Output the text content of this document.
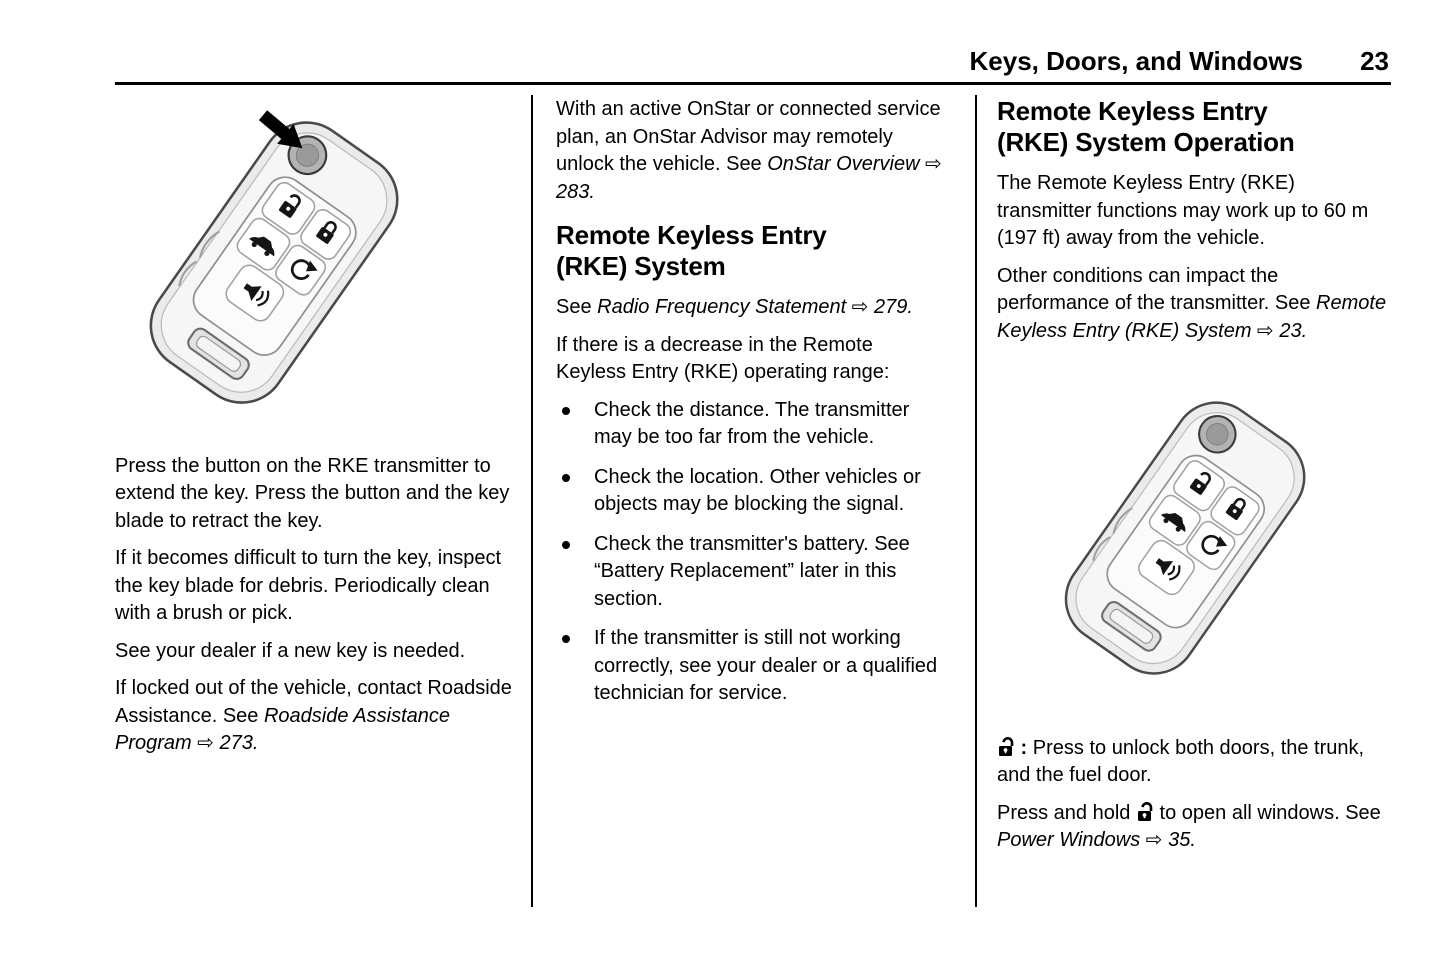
Keys, Doors, and Windows 23

Press the button on the RKE transmitter to extend the key. Press the button and the key blade to retract the key.

If it becomes difficult to turn the key, inspect the key blade for debris. Periodically clean with a brush or pick.

See your dealer if a new key is needed.

If locked out of the vehicle, contact Roadside Assistance. See Roadside Assistance Program ⇨ 273.

With an active OnStar or connected service plan, an OnStar Advisor may remotely unlock the vehicle. See OnStar Overview ⇨ 283.

Remote Keyless Entry (RKE) System

See Radio Frequency Statement ⇨ 279.

If there is a decrease in the Remote Keyless Entry (RKE) operating range:

Check the distance. The transmitter may be too far from the vehicle.
Check the location. Other vehicles or objects may be blocking the signal.
Check the transmitter's battery. See “Battery Replacement” later in this section.
If the transmitter is still not working correctly, see your dealer or a qualified technician for service.
Remote Keyless Entry (RKE) System Operation

The Remote Keyless Entry (RKE) transmitter functions may work up to 60 m (197 ft) away from the vehicle.

Other conditions can impact the performance of the transmitter. See Remote Keyless Entry (RKE) System ⇨ 23.

: Press to unlock both doors, the trunk, and the fuel door.

Press and hold  to open all windows. See Power Windows ⇨ 35.
